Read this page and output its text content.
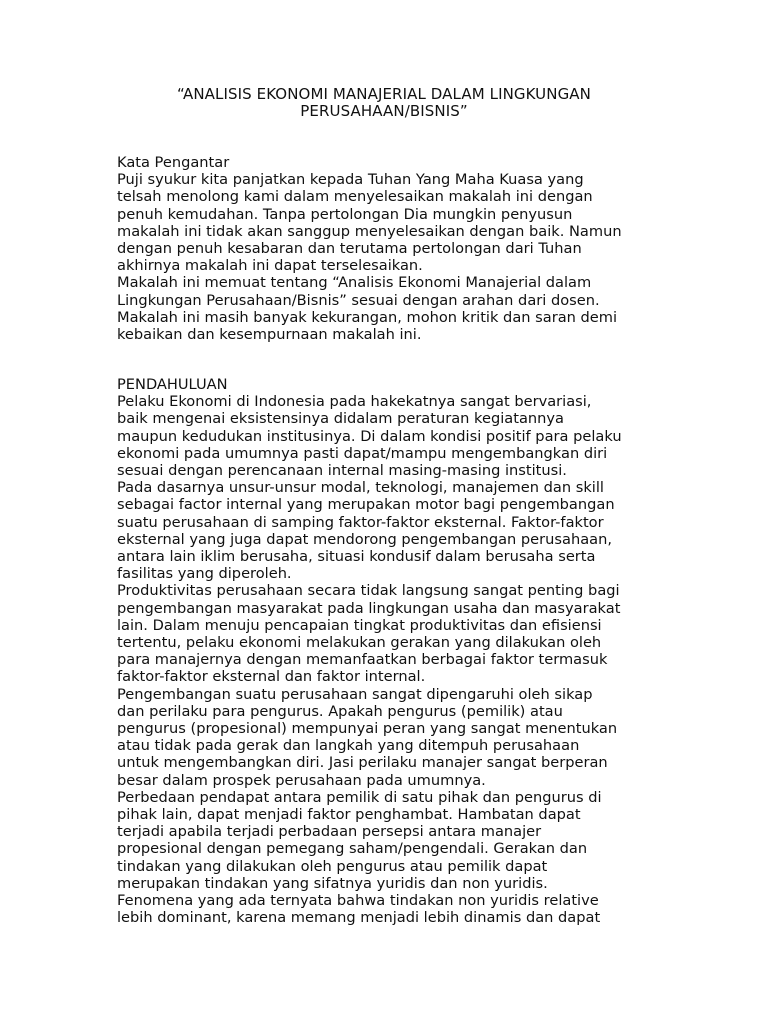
“ANALISIS EKONOMI MANAJERIAL DALAM LINGKUNGAN
PERUSAHAAN/BISNIS”
Kata Pengantar
Puji syukur kita panjatkan kepada Tuhan Yang Maha Kuasa yang
telsah menolong kami dalam menyelesaikan makalah ini dengan
penuh kemudahan. Tanpa pertolongan Dia mungkin penyusun
makalah ini tidak akan sanggup menyelesaikan dengan baik. Namun
dengan penuh kesabaran dan terutama pertolongan dari Tuhan
akhirnya makalah ini dapat terselesaikan.
Makalah ini memuat tentang “Analisis Ekonomi Manajerial dalam
Lingkungan Perusahaan/Bisnis” sesuai dengan arahan dari dosen.
Makalah ini masih banyak kekurangan, mohon kritik dan saran demi
kebaikan dan kesempurnaan makalah ini.
PENDAHULUAN
Pelaku Ekonomi di Indonesia pada hakekatnya sangat bervariasi,
baik mengenai eksistensinya didalam peraturan kegiatannya
maupun kedudukan institusinya. Di dalam kondisi positif para pelaku
ekonomi pada umumnya pasti dapat/mampu mengembangkan diri
sesuai dengan perencanaan internal masing-masing institusi.
Pada dasarnya unsur-unsur modal, teknologi, manajemen dan skill
sebagai factor internal yang merupakan motor bagi pengembangan
suatu perusahaan di samping faktor-faktor eksternal. Faktor-faktor
eksternal yang juga dapat mendorong pengembangan perusahaan,
antara lain iklim berusaha, situasi kondusif dalam berusaha serta
fasilitas yang diperoleh.
Produktivitas perusahaan secara tidak langsung sangat penting bagi
pengembangan masyarakat pada lingkungan usaha dan masyarakat
lain. Dalam menuju pencapaian tingkat produktivitas dan efisiensi
tertentu, pelaku ekonomi melakukan gerakan yang dilakukan oleh
para manajernya dengan memanfaatkan berbagai faktor termasuk
faktor-faktor eksternal dan faktor internal.
Pengembangan suatu perusahaan sangat dipengaruhi oleh sikap
dan perilaku para pengurus. Apakah pengurus (pemilik) atau
pengurus (propesional) mempunyai peran yang sangat menentukan
atau tidak pada gerak dan langkah yang ditempuh perusahaan
untuk mengembangkan diri. Jasi perilaku manajer sangat berperan
besar dalam prospek perusahaan pada umumnya.
Perbedaan pendapat antara pemilik di satu pihak dan pengurus di
pihak lain, dapat menjadi faktor penghambat. Hambatan dapat
terjadi apabila terjadi perbadaan persepsi antara manajer
propesional dengan pemegang saham/pengendali. Gerakan dan
tindakan yang dilakukan oleh pengurus atau pemilik dapat
merupakan tindakan yang sifatnya yuridis dan non yuridis.
Fenomena yang ada ternyata bahwa tindakan non yuridis relative
lebih dominant, karena memang menjadi lebih dinamis dan dapat
